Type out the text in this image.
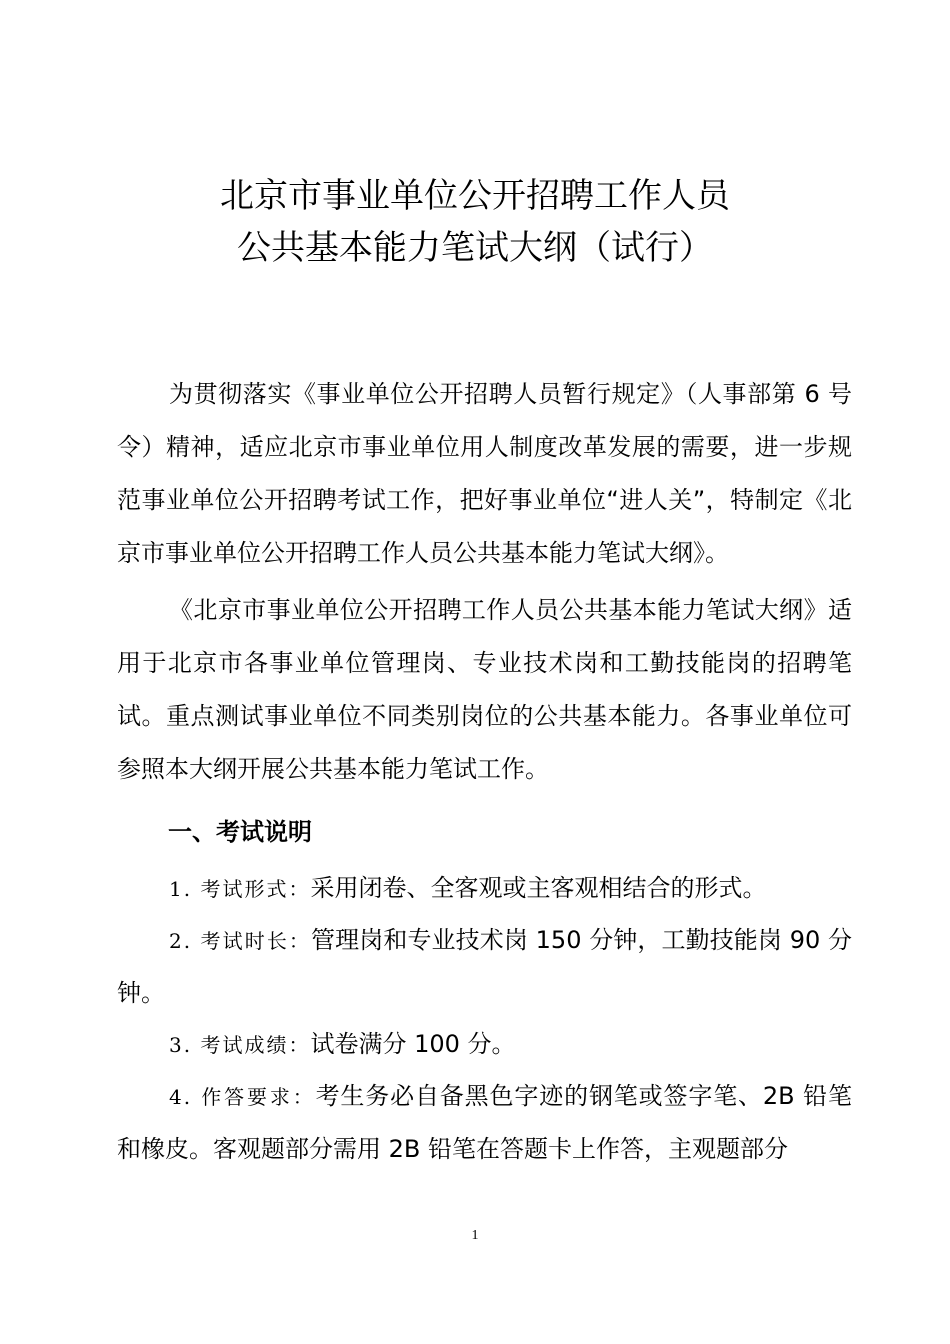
北京市事业单位公开招聘工作人员
公共基本能力笔试大纲（试行）

为贯彻落实《事业单位公开招聘人员暂行规定》（人事部第 6 号令）精神，适应北京市事业单位用人制度改革发展的需要，进一步规范事业单位公开招聘考试工作，把好事业单位“进人关”，特制定《北京市事业单位公开招聘工作人员公共基本能力笔试大纲》。

《北京市事业单位公开招聘工作人员公共基本能力笔试大纲》适用于北京市各事业单位管理岗、专业技术岗和工勤技能岗的招聘笔试。重点测试事业单位不同类别岗位的公共基本能力。各事业单位可参照本大纲开展公共基本能力笔试工作。

一、考试说明

1. 考试形式：采用闭卷、全客观或主客观相结合的形式。

2. 考试时长：管理岗和专业技术岗 150 分钟，工勤技能岗 90 分钟。

3. 考试成绩：试卷满分 100 分。

4. 作答要求：考生务必自备黑色字迹的钢笔或签字笔、2B 铅笔和橡皮。客观题部分需用 2B 铅笔在答题卡上作答，主观题部分

1
